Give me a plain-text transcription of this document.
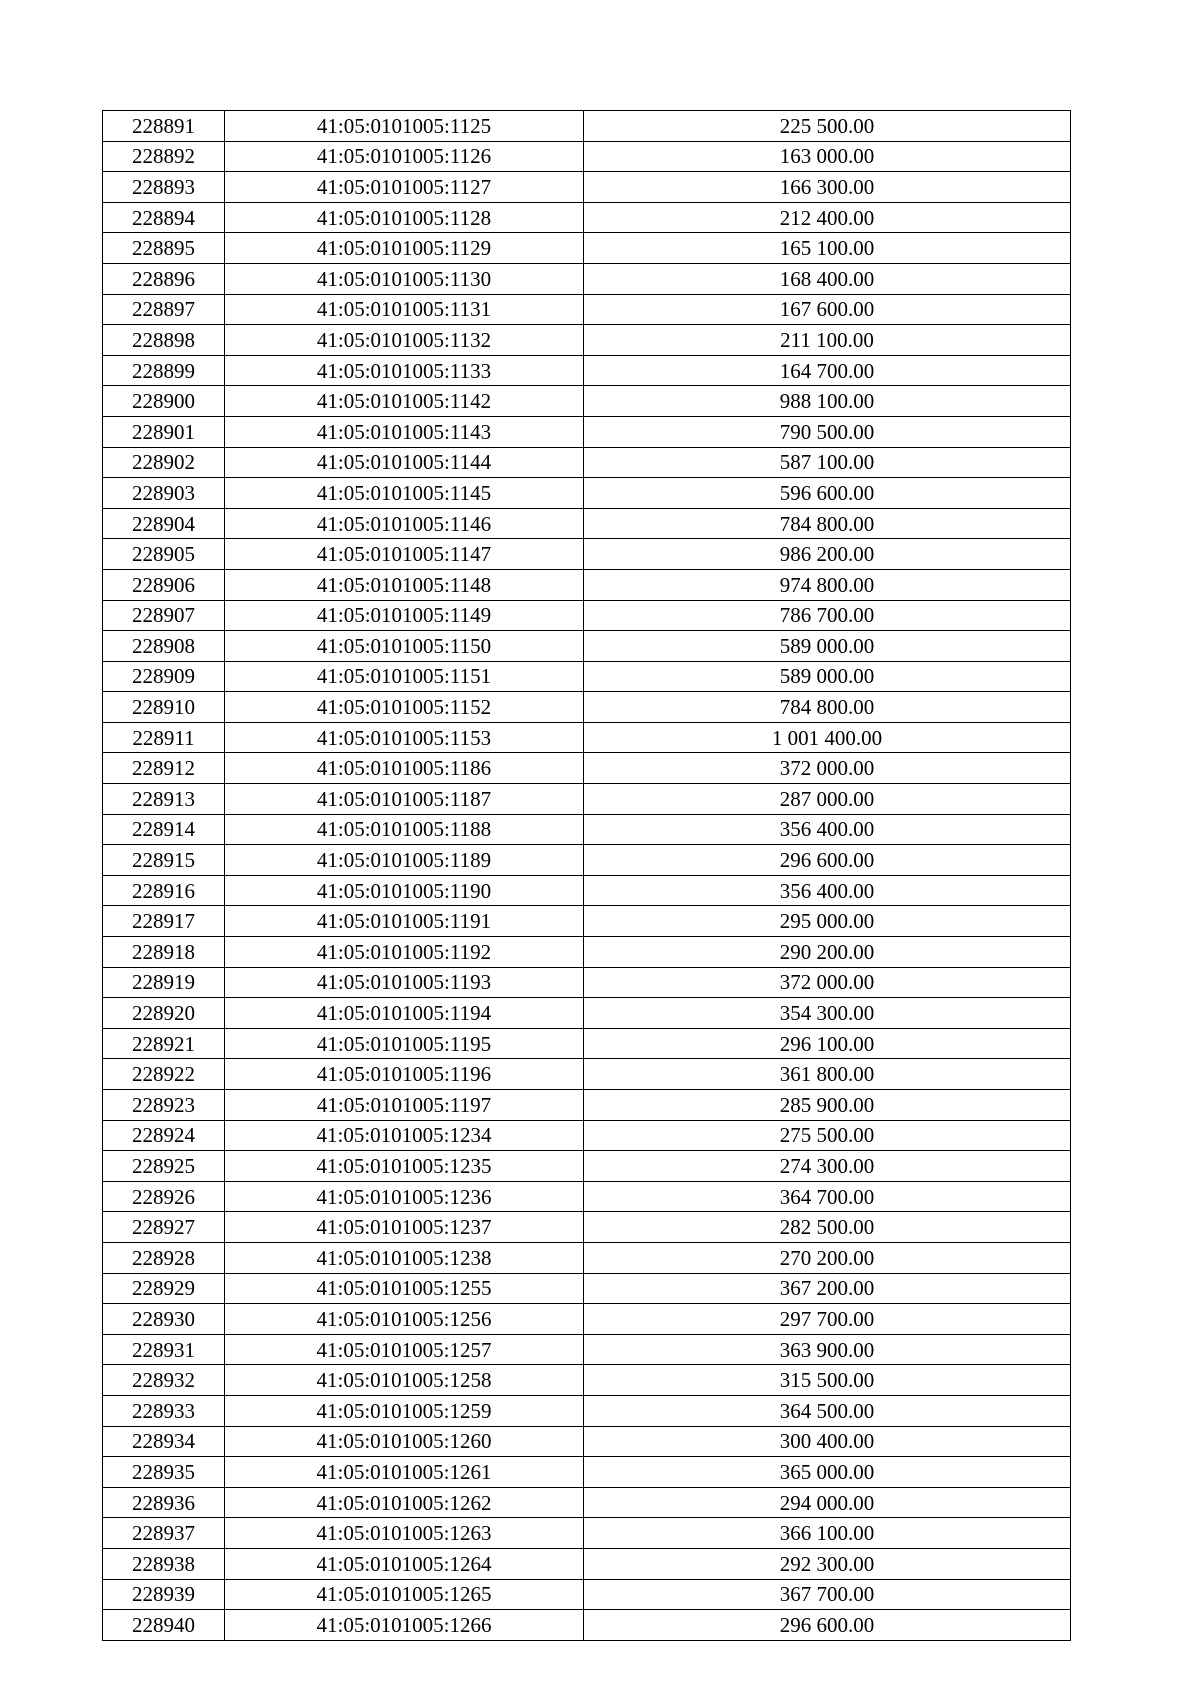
228891	41:05:0101005:1125	225 500.00
228892	41:05:0101005:1126	163 000.00
228893	41:05:0101005:1127	166 300.00
228894	41:05:0101005:1128	212 400.00
228895	41:05:0101005:1129	165 100.00
228896	41:05:0101005:1130	168 400.00
228897	41:05:0101005:1131	167 600.00
228898	41:05:0101005:1132	211 100.00
228899	41:05:0101005:1133	164 700.00
228900	41:05:0101005:1142	988 100.00
228901	41:05:0101005:1143	790 500.00
228902	41:05:0101005:1144	587 100.00
228903	41:05:0101005:1145	596 600.00
228904	41:05:0101005:1146	784 800.00
228905	41:05:0101005:1147	986 200.00
228906	41:05:0101005:1148	974 800.00
228907	41:05:0101005:1149	786 700.00
228908	41:05:0101005:1150	589 000.00
228909	41:05:0101005:1151	589 000.00
228910	41:05:0101005:1152	784 800.00
228911	41:05:0101005:1153	1 001 400.00
228912	41:05:0101005:1186	372 000.00
228913	41:05:0101005:1187	287 000.00
228914	41:05:0101005:1188	356 400.00
228915	41:05:0101005:1189	296 600.00
228916	41:05:0101005:1190	356 400.00
228917	41:05:0101005:1191	295 000.00
228918	41:05:0101005:1192	290 200.00
228919	41:05:0101005:1193	372 000.00
228920	41:05:0101005:1194	354 300.00
228921	41:05:0101005:1195	296 100.00
228922	41:05:0101005:1196	361 800.00
228923	41:05:0101005:1197	285 900.00
228924	41:05:0101005:1234	275 500.00
228925	41:05:0101005:1235	274 300.00
228926	41:05:0101005:1236	364 700.00
228927	41:05:0101005:1237	282 500.00
228928	41:05:0101005:1238	270 200.00
228929	41:05:0101005:1255	367 200.00
228930	41:05:0101005:1256	297 700.00
228931	41:05:0101005:1257	363 900.00
228932	41:05:0101005:1258	315 500.00
228933	41:05:0101005:1259	364 500.00
228934	41:05:0101005:1260	300 400.00
228935	41:05:0101005:1261	365 000.00
228936	41:05:0101005:1262	294 000.00
228937	41:05:0101005:1263	366 100.00
228938	41:05:0101005:1264	292 300.00
228939	41:05:0101005:1265	367 700.00
228940	41:05:0101005:1266	296 600.00
